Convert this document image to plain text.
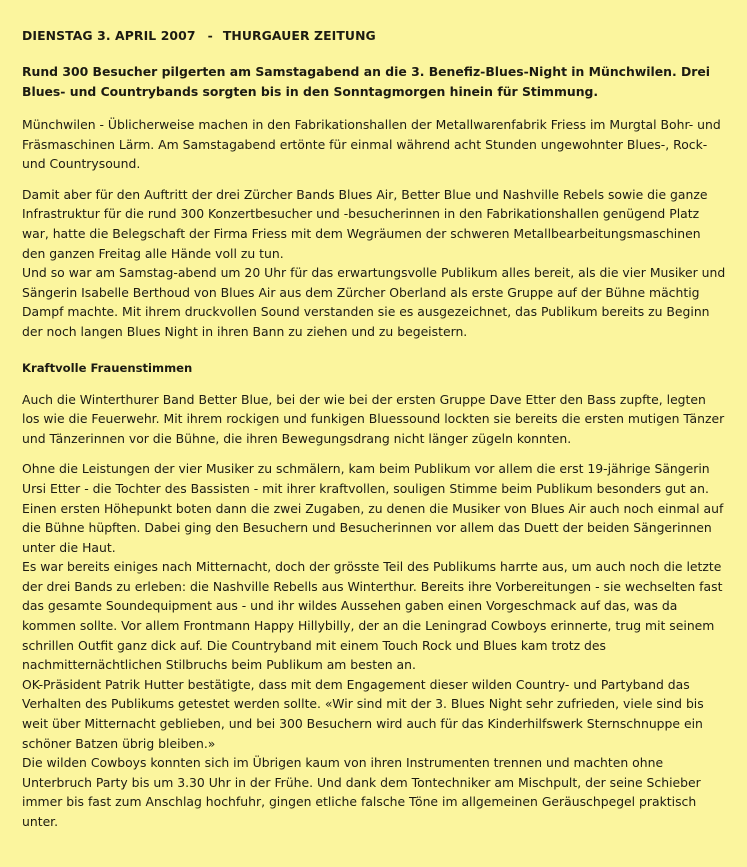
DIENSTAG 3. APRIL 2007 - THURGAUER ZEITUNG
Rund 300 Besucher pilgerten am Samstagabend an die 3. Benefiz-Blues-Night in Münchwilen. Drei Blues- und Countrybands sorgten bis in den Sonntagmorgen hinein für Stimmung.

Münchwilen - Üblicherweise machen in den Fabrikationshallen der Metallwarenfabrik Friess im Murgtal Bohr- und Fräsmaschinen Lärm. Am Samstagabend ertönte für einmal während acht Stunden ungewohnter Blues-, Rock- und Countrysound.

Damit aber für den Auftritt der drei Zürcher Bands Blues Air, Better Blue und Nashville Rebels sowie die ganze Infrastruktur für die rund 300 Konzertbesucher und -besucherinnen in den Fabrikationshallen genügend Platz war, hatte die Belegschaft der Firma Friess mit dem Wegräumen der schweren Metallbearbeitungsmaschinen den ganzen Freitag alle Hände voll zu tun.

Und so war am Samstag-abend um 20 Uhr für das erwartungsvolle Publikum alles bereit, als die vier Musiker und Sängerin Isabelle Berthoud von Blues Air aus dem Zürcher Oberland als erste Gruppe auf der Bühne mächtig Dampf machte. Mit ihrem druckvollen Sound verstanden sie es ausgezeichnet, das Publikum bereits zu Beginn der noch langen Blues Night in ihren Bann zu ziehen und zu begeistern.

Kraftvolle Frauenstimmen

Auch die Winterthurer Band Better Blue, bei der wie bei der ersten Gruppe Dave Etter den Bass zupfte, legten los wie die Feuerwehr. Mit ihrem rockigen und funkigen Bluessound lockten sie bereits die ersten mutigen Tänzer und Tänzerinnen vor die Bühne, die ihren Bewegungsdrang nicht länger zügeln konnten.

Ohne die Leistungen der vier Musiker zu schmälern, kam beim Publikum vor allem die erst 19-jährige Sängerin Ursi Etter - die Tochter des Bassisten - mit ihrer kraftvollen, souligen Stimme beim Publikum besonders gut an. Einen ersten Höhepunkt boten dann die zwei Zugaben, zu denen die Musiker von Blues Air auch noch einmal auf die Bühne hüpften. Dabei ging den Besuchern und Besucherinnen vor allem das Duett der beiden Sängerinnen unter die Haut.

Es war bereits einiges nach Mitternacht, doch der grösste Teil des Publikums harrte aus, um auch noch die letzte der drei Bands zu erleben: die Nashville Rebells aus Winterthur. Bereits ihre Vorbereitungen - sie wechselten fast das gesamte Soundequipment aus - und ihr wildes Aussehen gaben einen Vorgeschmack auf das, was da kommen sollte. Vor allem Frontmann Happy Hillybilly, der an die Leningrad Cowboys erinnerte, trug mit seinem schrillen Outfit ganz dick auf. Die Countryband mit einem Touch Rock und Blues kam trotz des nachmitternächtlichen Stilbruchs beim Publikum am besten an.

OK-Präsident Patrik Hutter bestätigte, dass mit dem Engagement dieser wilden Country- und Partyband das Verhalten des Publikums getestet werden sollte. «Wir sind mit der 3. Blues Night sehr zufrieden, viele sind bis weit über Mitternacht geblieben, und bei 300 Besuchern wird auch für das Kinderhilfswerk Sternschnuppe ein schöner Batzen übrig bleiben.»

Die wilden Cowboys konnten sich im Übrigen kaum von ihren Instrumenten trennen und machten ohne Unterbruch Party bis um 3.30 Uhr in der Frühe. Und dank dem Tontechniker am Mischpult, der seine Schieber immer bis fast zum Anschlag hochfuhr, gingen etliche falsche Töne im allgemeinen Geräuschpegel praktisch unter.
